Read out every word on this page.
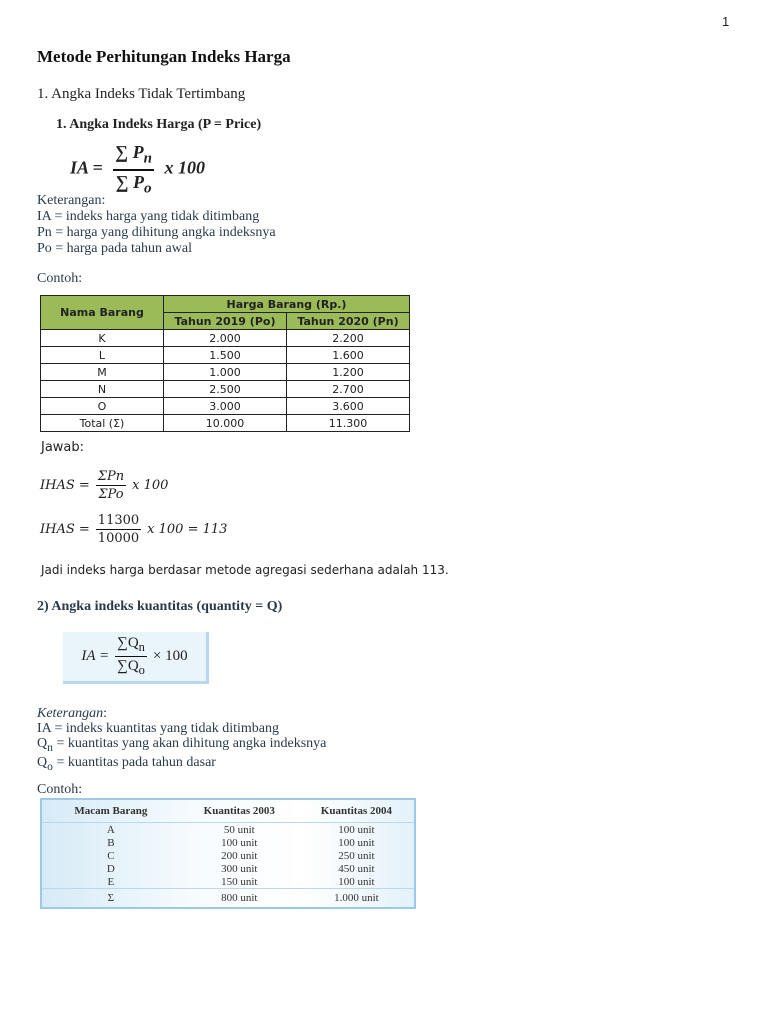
1
Metode Perhitungan Indeks Harga
1. Angka Indeks Tidak Tertimbang
1. Angka Indeks Harga (P = Price)
IA = $\frac{\sum P_n}{\sum P_o}$ x 100
Keterangan:
IA = indeks harga yang tidak ditimbang
Pn = harga yang dihitung angka indeksnya
Po = harga pada tahun awal
Contoh:
Nama Barang	Harga Barang (Rp.)	
	Tahun 2019 (Po)	Tahun 2020 (Pn)
K	2.000	2.200
L	1.500	1.600
M	1.000	1.200
N	2.500	2.700
O	3.000	3.600
Total (Σ)	10.000	11.300
Jawab:
IHAS = $\frac{\text{ΣPn}}{\text{ΣPo}}$ x 100
IHAS = $\frac{11300}{10000}$ x 100 = 113
Jadi indeks harga berdasar metode agregasi sederhana adalah 113.
2) Angka indeks kuantitas (quantity = Q)
IA = $\frac{\sum Q_n}{\sum Q_o} \times 100$
Keterangan:
IA = indeks kuantitas yang tidak ditimbang
$Q_n$ = kuantitas yang akan dihitung angka indeksnya
$Q_o$ = kuantitas pada tahun dasar
Contoh:
Macam Barang	Kuantitas 2003	Kuantitas 2004
A	50 unit	100 unit
B	100 unit	100 unit
C	200 unit	250 unit
D	300 unit	450 unit
E	150 unit	100 unit
Σ	800 unit	1.000 unit
